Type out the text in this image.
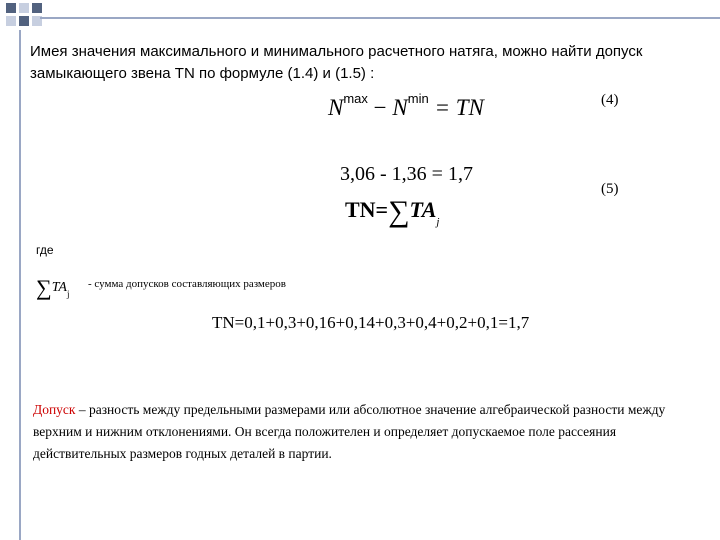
Имея значения максимального и минимального расчетного натяга, можно найти допуск замыкающего звена TN по формуле (1.4) и (1.5) :
$N^{max} - N^{min}$ = TN	(4)
3,06 - 1,36 = 1,7
$TN=\sum TA_j$
(5)
где
$\sum TA_j$
- сумма допусков составляющих размеров
TN=0,1+0,3+0,16+0,14+0,3+0,4+0,2+0,1=1,7
Допуск – разность между предельными размерами или абсолютное значение алгебраической разности между верхним и нижним отклонениями. Он всегда положителен и определяет допускаемое поле рассеяния действительных размеров годных деталей в партии.
